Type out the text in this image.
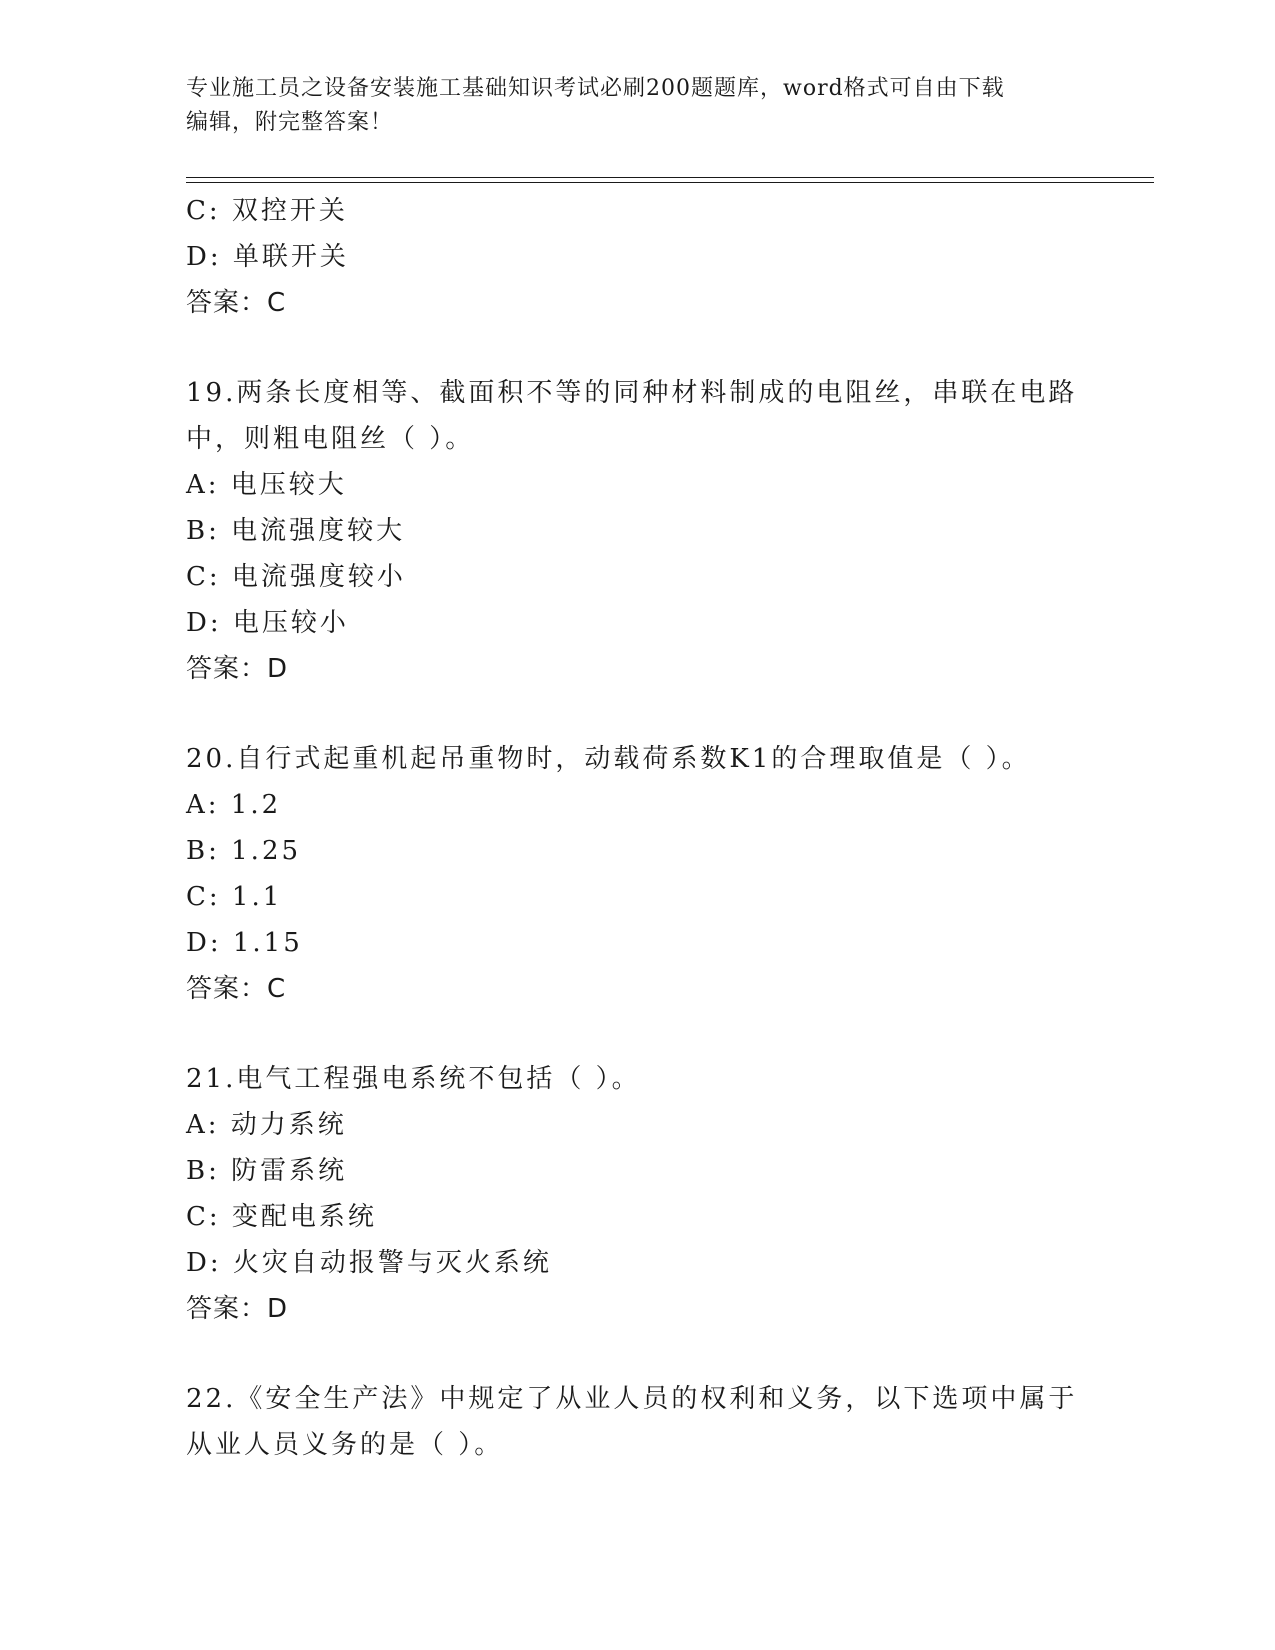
专业施工员之设备安装施工基础知识考试必刷200题题库，word格式可自由下载
编辑，附完整答案！
C: 双控开关
D: 单联开关
答案：C
19.两条长度相等、截面积不等的同种材料制成的电阻丝，串联在电路
中，则粗电阻丝（ ）。
A: 电压较大
B: 电流强度较大
C: 电流强度较小
D: 电压较小
答案：D
20.自行式起重机起吊重物时，动载荷系数K1的合理取值是（ ）。
A: 1.2
B: 1.25
C: 1.1
D: 1.15
答案：C
21.电气工程强电系统不包括（ ）。
A: 动力系统
B: 防雷系统
C: 变配电系统
D: 火灾自动报警与灭火系统
答案：D
22.《安全生产法》中规定了从业人员的权利和义务，以下选项中属于
从业人员义务的是（ ）。
